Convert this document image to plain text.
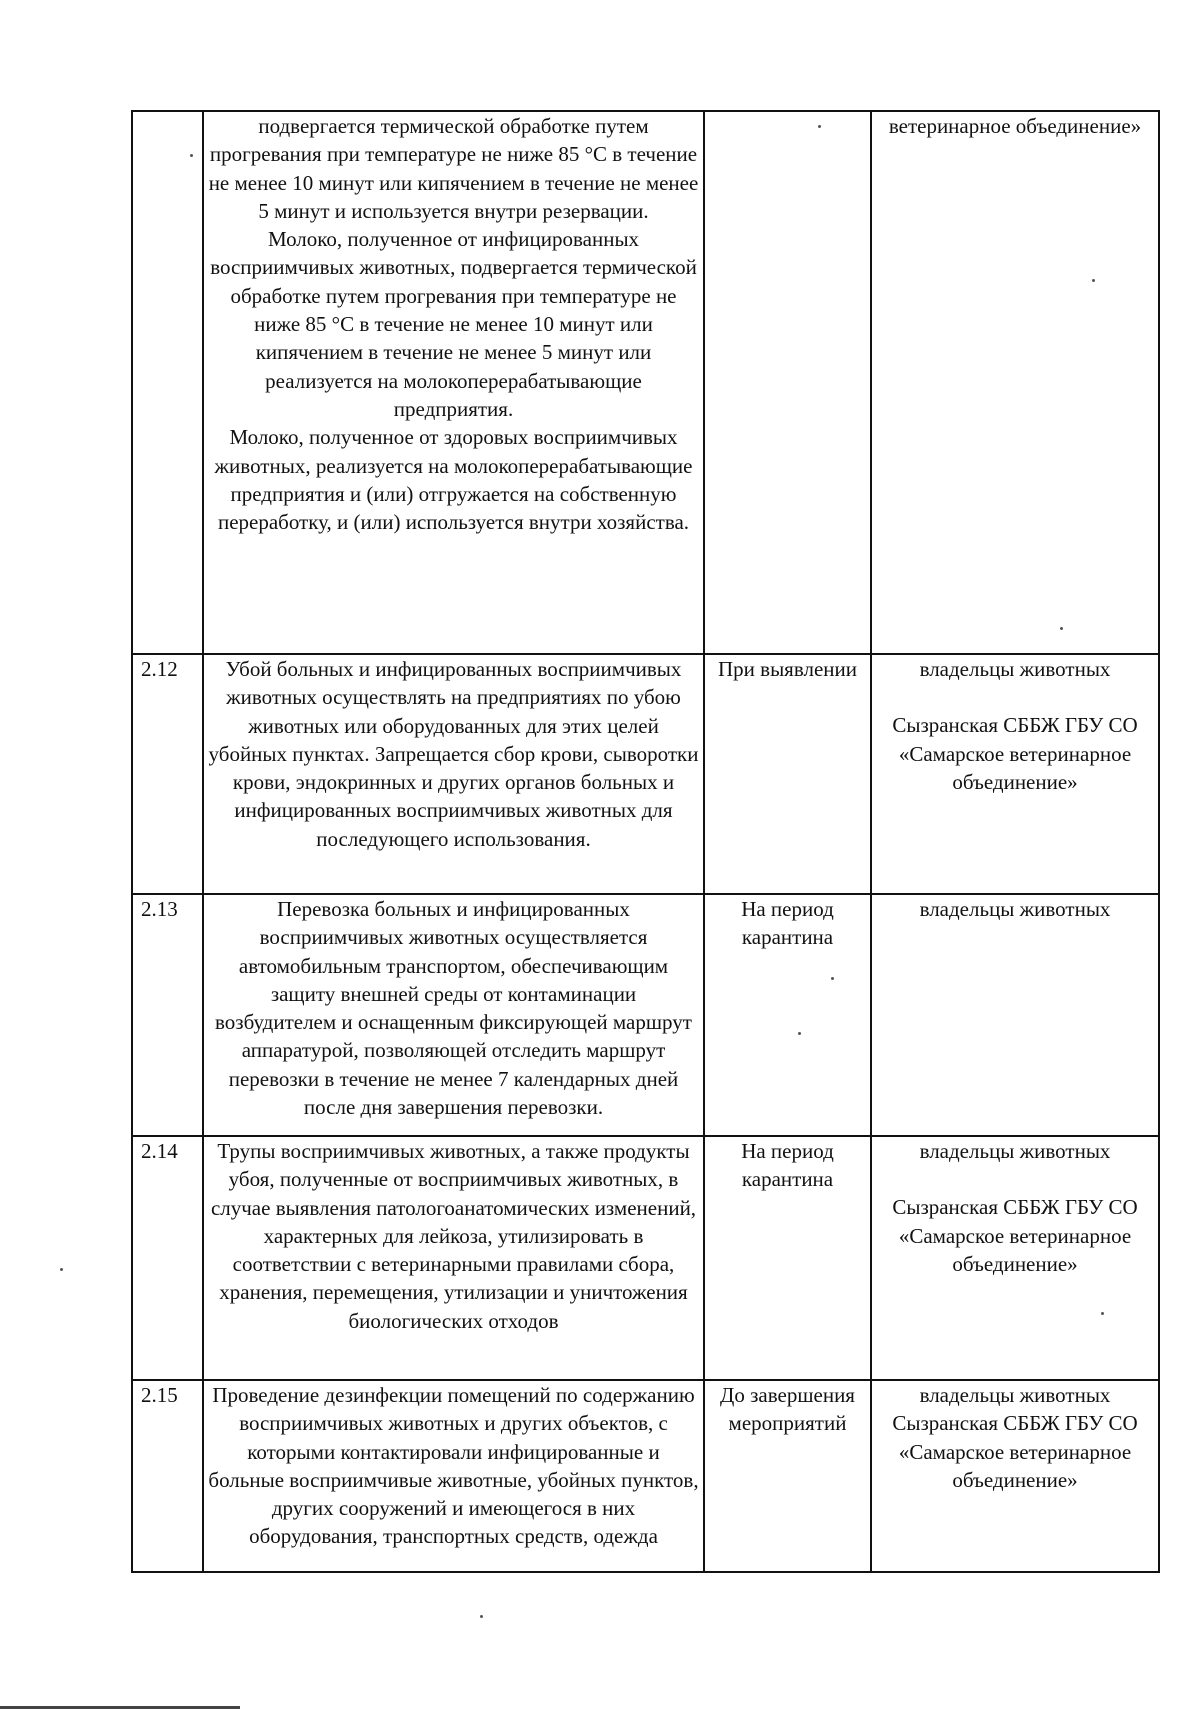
	подвергается термической обработке путем прогревания при температуре не ниже 85 °С в течение не менее 10 минут или кипячением в течение не менее 5 минут и используется внутри резервации.
Молоко, полученное от инфицированных восприимчивых животных, подвергается термической обработке путем прогревания при температуре не ниже 85 °С в течение не менее 10 минут или кипячением в течение не менее 5 минут или реализуется на молокоперерабатывающие предприятия.
Молоко, полученное от здоровых восприимчивых животных, реализуется на молокоперерабатывающие предприятия и (или) отгружается на собственную переработку, и (или) используется внутри хозяйства.		ветеринарное объединение»

2.12	Убой больных и инфицированных восприимчивых животных осуществлять на предприятиях по убою животных или оборудованных для этих целей убойных пунктах. Запрещается сбор крови, сыворотки крови, эндокринных и других органов больных и инфицированных восприимчивых животных для последующего использования.	При выявлении	владельцы животных
Сызранская СББЖ ГБУ СО «Самарское ветеринарное объединение»

2.13	Перевозка больных и инфицированных восприимчивых животных осуществляется автомобильным транспортом, обеспечивающим защиту внешней среды от контаминации возбудителем и оснащенным фиксирующей маршрут аппаратурой, позволяющей отследить маршрут перевозки в течение не менее 7 календарных дней после дня завершения перевозки.	На период карантина	владельцы животных

2.14	Трупы восприимчивых животных, а также продукты убоя, полученные от восприимчивых животных, в случае выявления патологоанатомических изменений, характерных для лейкоза, утилизировать в соответствии с ветеринарными правилами сбора, хранения, перемещения, утилизации и уничтожения биологических отходов	На период карантина	владельцы животных
Сызранская СББЖ ГБУ СО «Самарское ветеринарное объединение»

2.15	Проведение дезинфекции помещений по содержанию восприимчивых животных и других объектов, с которыми контактировали инфицированные и больные восприимчивые животные, убойных пунктов, других сооружений и имеющегося в них оборудования, транспортных средств, одежда	До завершения мероприятий	владельцы животных
Сызранская СББЖ ГБУ СО «Самарское ветеринарное объединение»
